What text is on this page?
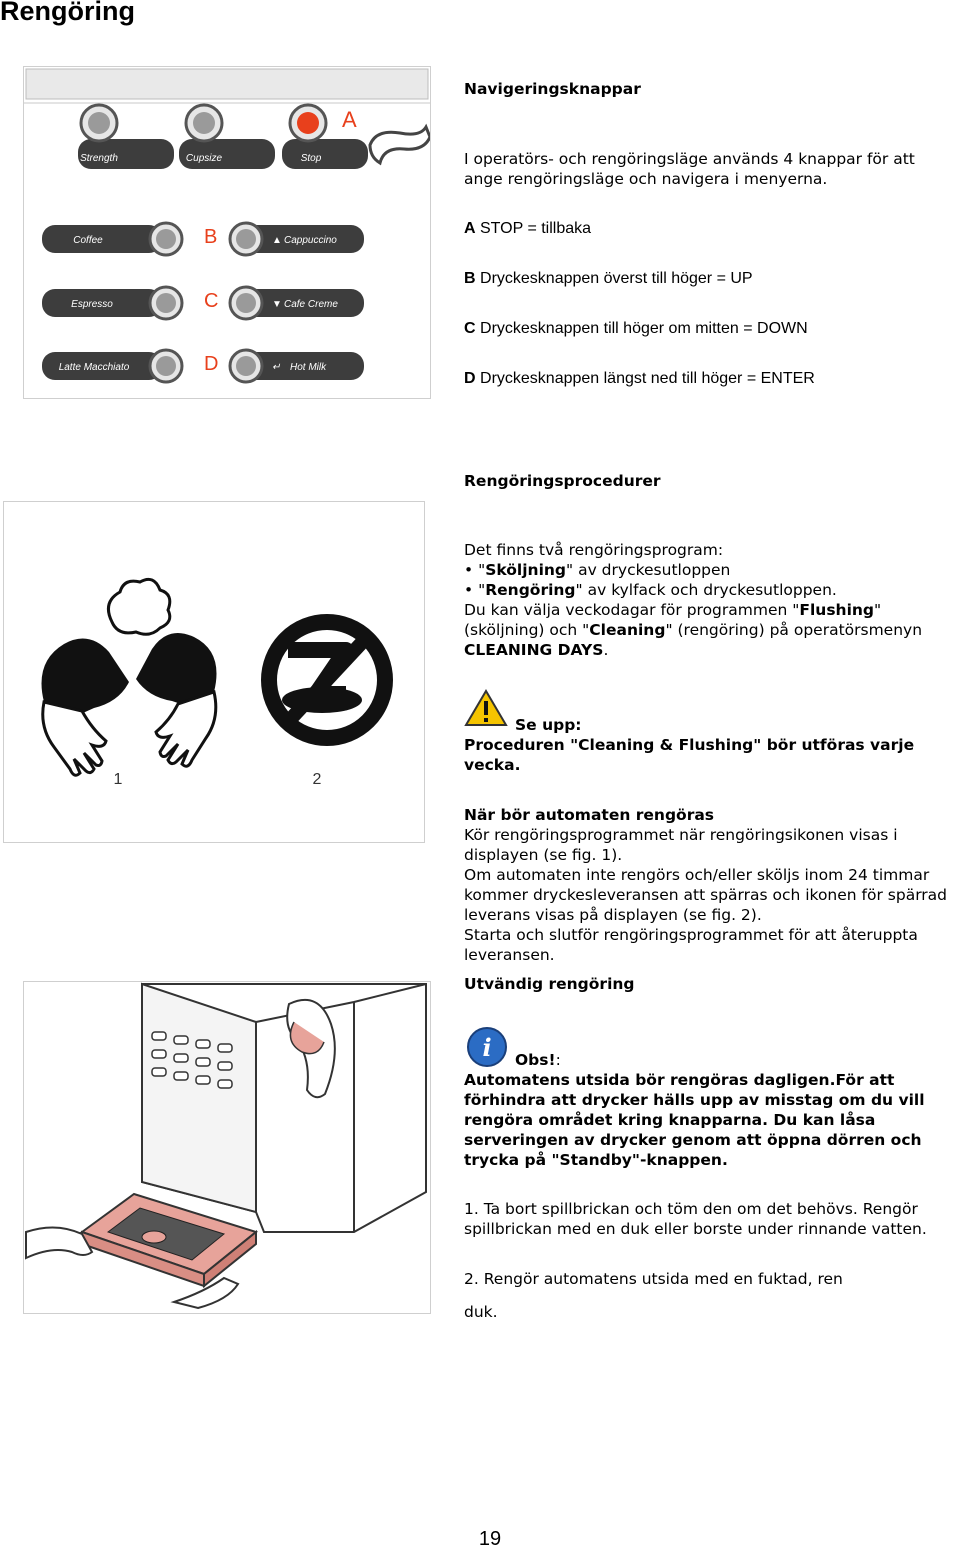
Rengöring
Strength	Cupsize	Stop
A
Coffee	▲ Cappuccino
B
Espresso	▼ Cafe Creme
C
Latte Macchiato	↵ Hot Milk
D
Navigeringsknappar
I operatörs- och rengöringsläge används 4 knappar för att ange rengöringsläge och navigera i menyerna.
A STOP = tillbaka
B Dryckesknappen överst till höger = UP
C Dryckesknappen till höger om mitten = DOWN
D Dryckesknappen längst ned till höger = ENTER
1	2
Rengöringsprocedurer
Det finns två rengöringsprogram:
• "Sköljning" av dryckesutloppen
• "Rengöring" av kylfack och dryckesutloppen.
Du kan välja veckodagar för programmen "Flushing" (sköljning) och "Cleaning" (rengöring) på operatörsmenyn CLEANING DAYS.
Se upp:
Proceduren "Cleaning & Flushing" bör utföras varje vecka.
När bör automaten rengöras
Kör rengöringsprogrammet när rengöringsikonen visas i displayen (se fig. 1).
Om automaten inte rengörs och/eller sköljs inom 24 timmar kommer dryckesleveransen att spärras och ikonen för spärrad leverans visas på displayen (se fig. 2).
Starta och slutför rengöringsprogrammet för att återuppta leveransen.
Utvändig rengöring
i Obs!:
Automatens utsida bör rengöras dagligen.För att förhindra att drycker hälls upp av misstag om du vill rengöra området kring knapparna. Du kan låsa serveringen av drycker genom att öppna dörren och trycka på "Standby"-knappen.
1. Ta bort spillbrickan och töm den om det behövs. Rengör spillbrickan med en duk eller borste under rinnande vatten.
2. Rengör automatens utsida med en fuktad, ren
duk.
19
